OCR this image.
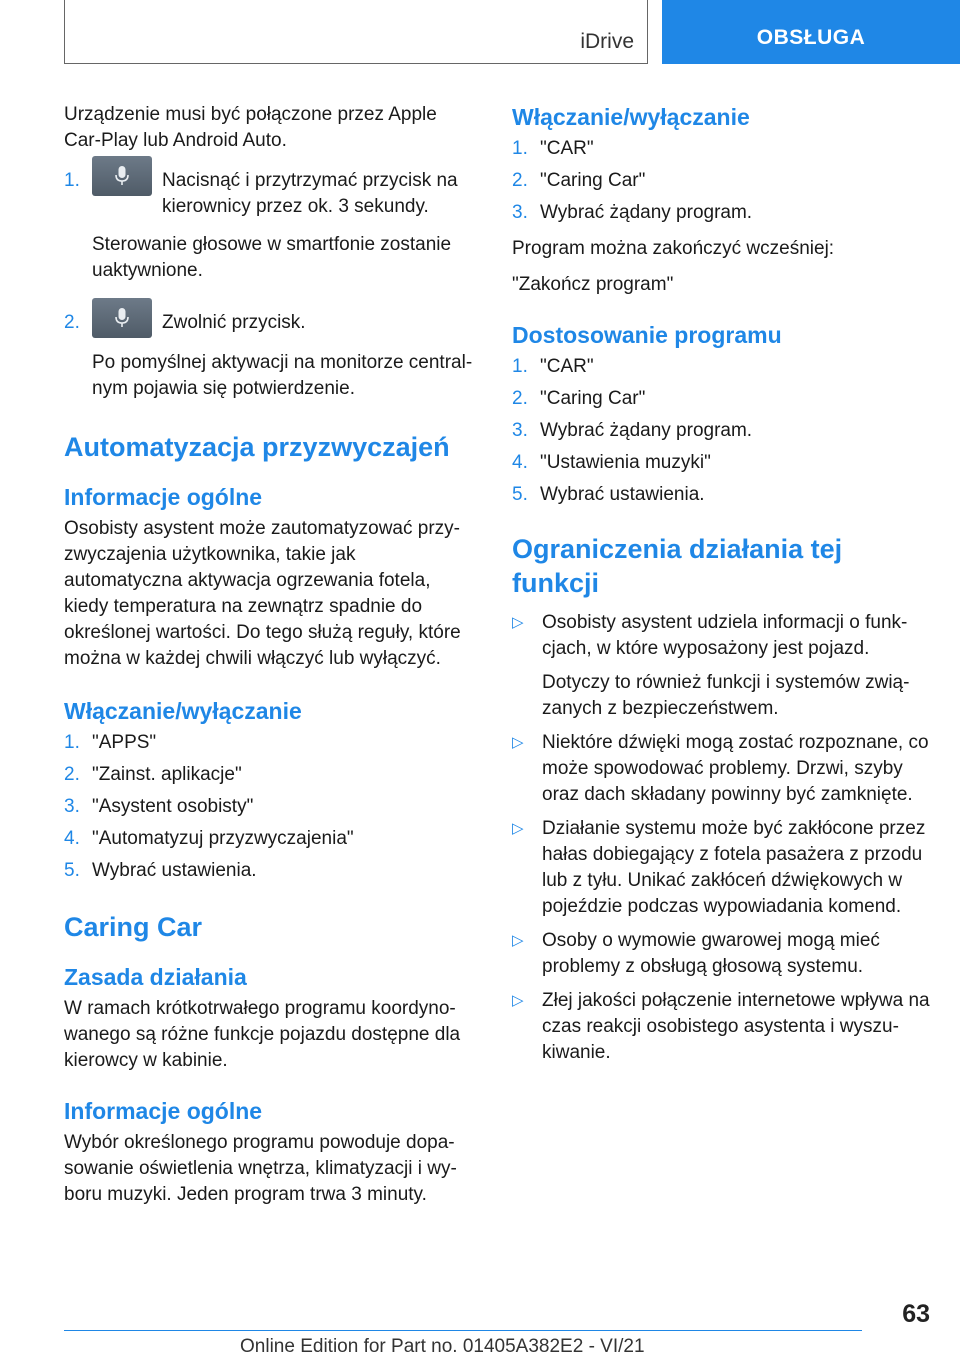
iDrive	OBSŁUGA

Urządzenie musi być połączone przez Apple Car-Play lub Android Auto.

1.	Nacisnąć i przytrzymać przycisk na kierownicy przez ok. 3 sekundy.
Sterowanie głosowe w smartfonie zostanie uaktywnione.
2.	Zwolnić przycisk.
Po pomyślnej aktywacji na monitorze central-nym pojawia się potwierdzenie.
Automatyzacja przyzwyczajeń
Informacje ogólne

Osobisty asystent może zautomatyzować przy-zwyczajenia użytkownika, takie jak automatyczna aktywacja ogrzewania fotela, kiedy temperatura na zewnątrz spadnie do określonej wartości. Do tego służą reguły, które można w każdej chwili włączyć lub wyłączyć.

Włączanie/wyłączanie
1. "APPS"
2. "Zainst. aplikacje"
3. "Asystent osobisty"
4. "Automatyzuj przyzwyczajenia"
5. Wybrać ustawienia.
Caring Car
Zasada działania

W ramach krótkotrwałego programu koordyno-wanego są różne funkcje pojazdu dostępne dla kierowcy w kabinie.

Informacje ogólne

Wybór określonego programu powoduje dopa-sowanie oświetlenia wnętrza, klimatyzacji i wy-boru muzyki. Jeden program trwa 3 minuty.

Włączanie/wyłączanie
1. "CAR"
2. "Caring Car"
3. Wybrać żądany program.

Program można zakończyć wcześniej:

"Zakończ program"

Dostosowanie programu
1. "CAR"
2. "Caring Car"
3. Wybrać żądany program.
4. "Ustawienia muzyki"
5. Wybrać ustawienia.
Ograniczenia działania tej funkcji
▷ Osobisty asystent udziela informacji o funk-cjach, w które wyposażony jest pojazd.

Dotyczy to również funkcji i systemów zwią-zanych z bezpieczeństwem.

▷ Niektóre dźwięki mogą zostać rozpoznane, co może spowodować problemy. Drzwi, szyby oraz dach składany powinny być zamknięte.

▷ Działanie systemu może być zakłócone przez hałas dobiegający z fotela pasażera z przodu lub z tyłu. Unikać zakłóceń dźwiękowych w pojeździe podczas wypowiadania komend.

▷ Osoby o wymowie gwarowej mogą mieć problemy z obsługą głosową systemu.

▷ Złej jakości połączenie internetowe wpływa na czas reakcji osobistego asystenta i wyszu-kiwanie.

63
Online Edition for Part no. 01405A382E2 - VI/21
